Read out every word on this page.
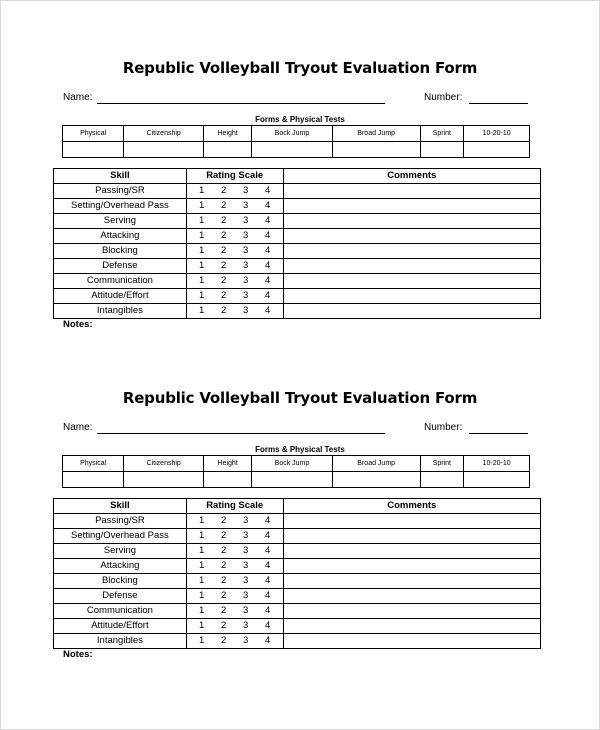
Republic Volleyball Tryout Evaluation Form
Name:	Number:
Forms & Physical Tests
Physical	Citizenship	Height	Bock Jump	Broad Jump	Sprint	10-20-10

Skill	Rating Scale	Comments
Passing/SR	1 2 3 4	
Setting/Overhead Pass	1 2 3 4	
Serving	1 2 3 4	
Attacking	1 2 3 4	
Blocking	1 2 3 4	
Defense	1 2 3 4	
Communication	1 2 3 4	
Attitude/Effort	1 2 3 4	
Intangibles	1 2 3 4	
Notes:
Republic Volleyball Tryout Evaluation Form
Name:	Number:
Forms & Physical Tests
Physical	Citizenship	Height	Bock Jump	Broad Jump	Sprint	10-20-10

Skill	Rating Scale	Comments
Passing/SR	1 2 3 4	
Setting/Overhead Pass	1 2 3 4	
Serving	1 2 3 4	
Attacking	1 2 3 4	
Blocking	1 2 3 4	
Defense	1 2 3 4	
Communication	1 2 3 4	
Attitude/Effort	1 2 3 4	
Intangibles	1 2 3 4	
Notes:
